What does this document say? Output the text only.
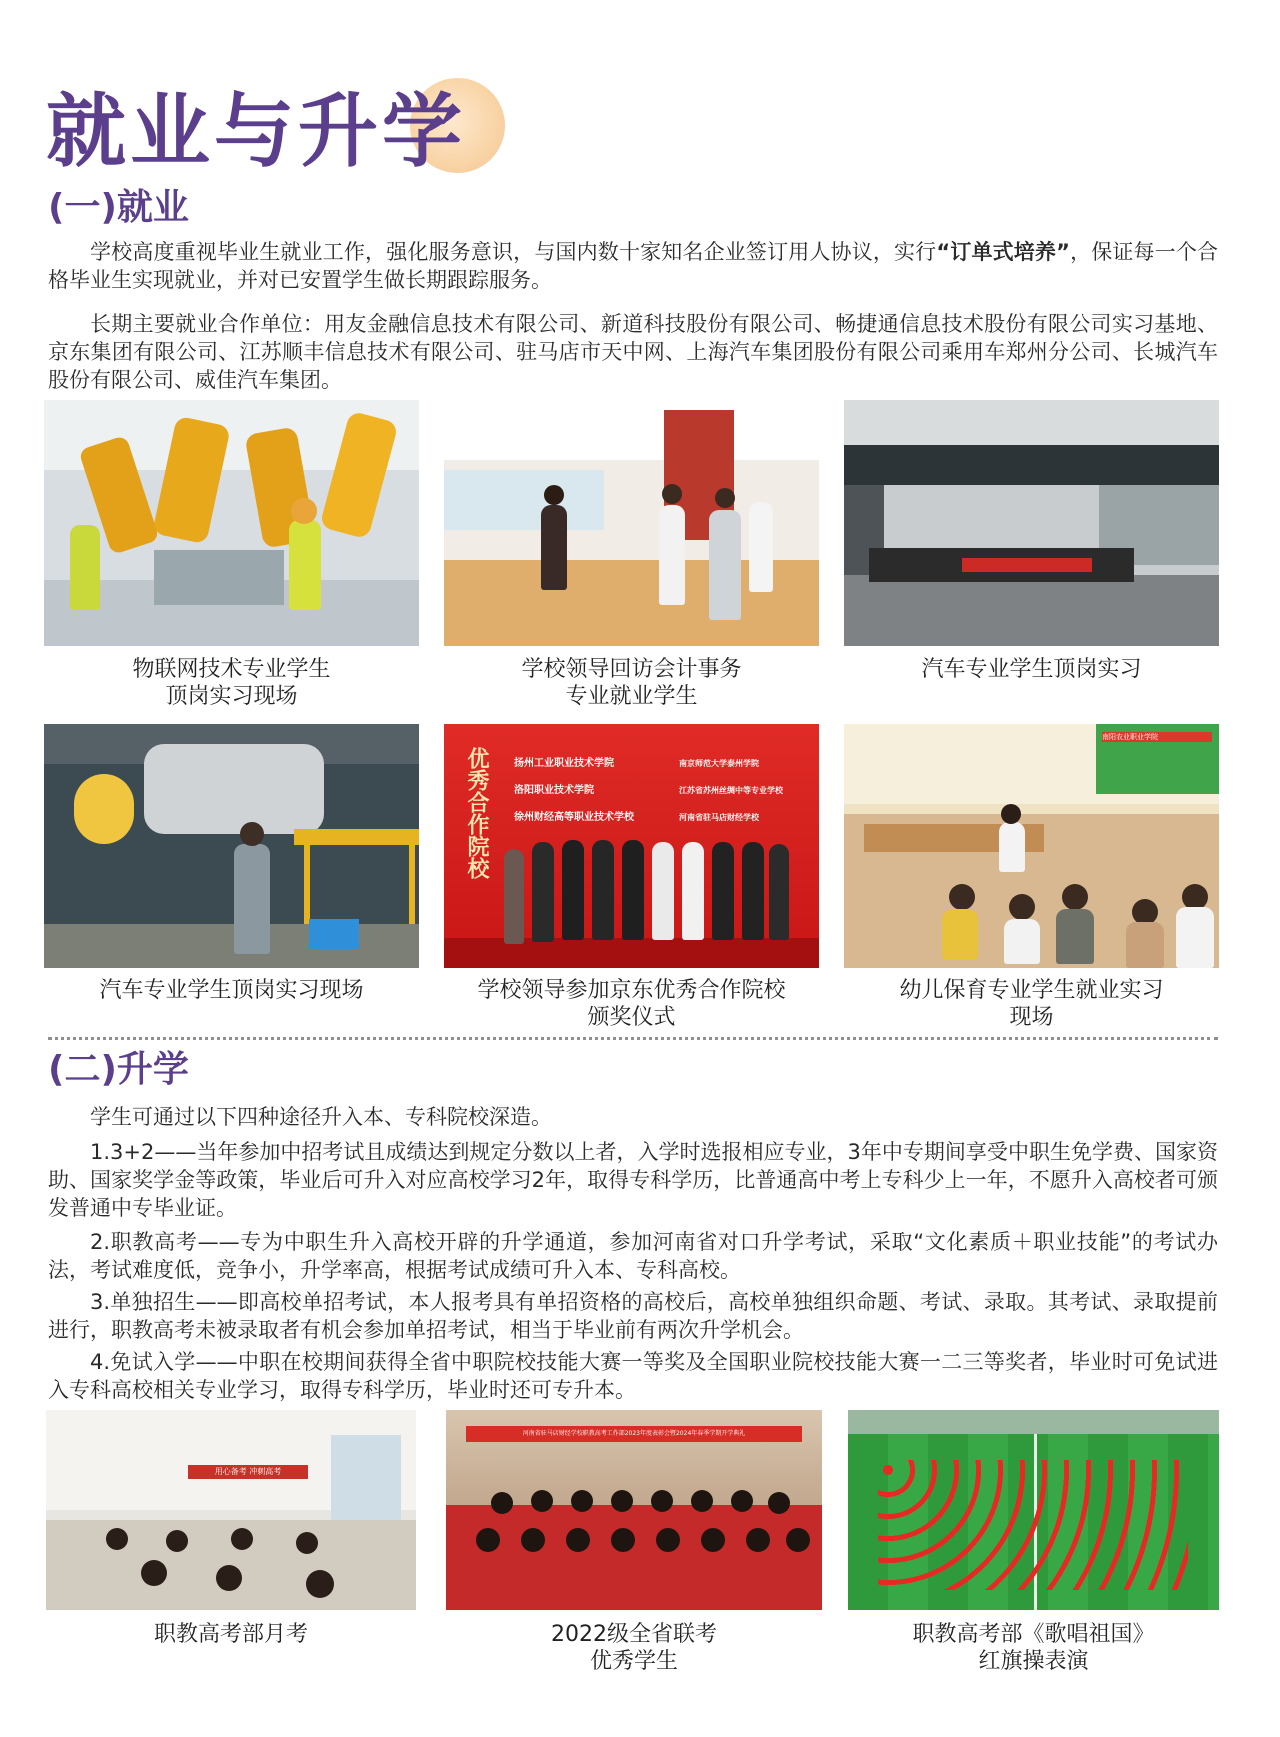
就业与升学
(一)就业

学校高度重视毕业生就业工作，强化服务意识，与国内数十家知名企业签订用人协议，实行“订单式培养”，保证每一个合格毕业生实现就业，并对已安置学生做长期跟踪服务。

长期主要就业合作单位：用友金融信息技术有限公司、新道科技股份有限公司、畅捷通信息技术股份有限公司实习基地、京东集团有限公司、江苏顺丰信息技术有限公司、驻马店市天中网、上海汽车集团股份有限公司乘用车郑州分公司、长城汽车股份有限公司、威佳汽车集团。

物联网技术专业学生
顶岗实习现场
学校领导回访会计事务
专业就业学生
汽车专业学生顶岗实习
汽车专业学生顶岗实习现场
优秀合作院校 扬州工业职业技术学院
洛阳职业技术学院
徐州财经高等职业技术学校
南京师范大学泰州学院
江苏省苏州丝绸中等专业学校
河南省驻马店财经学校
学校领导参加京东优秀合作院校
颁奖仪式
南阳农业职业学院
幼儿保育专业学生就业实习
现场
(二)升学

学生可通过以下四种途径升入本、专科院校深造。

1.3+2——当年参加中招考试且成绩达到规定分数以上者，入学时选报相应专业，3年中专期间享受中职生免学费、国家资助、国家奖学金等政策，毕业后可升入对应高校学习2年，取得专科学历，比普通高中考上专科少上一年，不愿升入高校者可颁发普通中专毕业证。

2.职教高考——专为中职生升入高校开辟的升学通道，参加河南省对口升学考试，采取“文化素质＋职业技能”的考试办法，考试难度低，竞争小，升学率高，根据考试成绩可升入本、专科高校。

3.单独招生——即高校单招考试，本人报考具有单招资格的高校后，高校单独组织命题、考试、录取。其考试、录取提前进行，职教高考未被录取者有机会参加单招考试，相当于毕业前有两次升学机会。

4.免试入学——中职在校期间获得全省中职院校技能大赛一等奖及全国职业院校技能大赛一二三等奖者，毕业时可免试进入专科高校相关专业学习，取得专科学历，毕业时还可专升本。

用心备考 冲刺高考
职教高考部月考
河南省驻马店财经学校职教高考工作部2023年度表彰会暨2024年春季学期开学典礼
2022级全省联考
优秀学生
职教高考部《歌唱祖国》
红旗操表演
